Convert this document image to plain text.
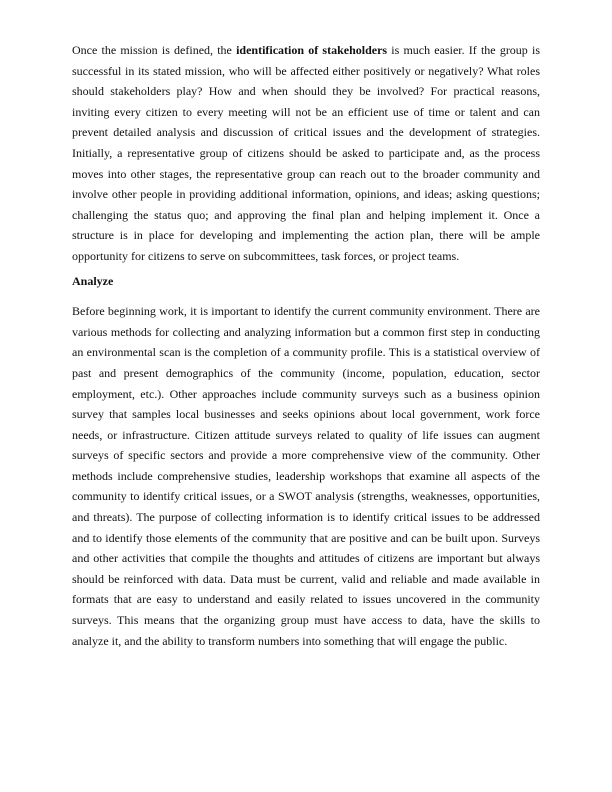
Once the mission is defined, the identification of stakeholders is much easier. If the group is
successful in its stated mission, who will be affected either positively or negatively? What roles
should stakeholders play? How and when should they be involved? For practical reasons,
inviting every citizen to every meeting will not be an efficient use of time or talent and can
prevent detailed analysis and discussion of critical issues and the development of strategies.
Initially, a representative group of citizens should be asked to participate and, as the process
moves into other stages, the representative group can reach out to the broader community and
involve other people in providing additional information, opinions, and ideas; asking questions;
challenging the status quo; and approving the final plan and helping implement it. Once a
structure is in place for developing and implementing the action plan, there will be ample
opportunity for citizens to serve on subcommittees, task forces, or project teams.
Analyze
Before beginning work, it is important to identify the current community environment. There are
various methods for collecting and analyzing information but a common first step in conducting
an environmental scan is the completion of a community profile. This is a statistical overview of
past and present demographics of the community (income, population, education, sector
employment, etc.). Other approaches include community surveys such as a business opinion
survey that samples local businesses and seeks opinions about local government, work force
needs, or infrastructure. Citizen attitude surveys related to quality of life issues can augment
surveys of specific sectors and provide a more comprehensive view of the community. Other
methods include comprehensive studies, leadership workshops that examine all aspects of the
community to identify critical issues, or a SWOT analysis (strengths, weaknesses, opportunities,
and threats). The purpose of collecting information is to identify critical issues to be addressed
and to identify those elements of the community that are positive and can be built upon. Surveys
and other activities that compile the thoughts and attitudes of citizens are important but always
should be reinforced with data. Data must be current, valid and reliable and made available in
formats that are easy to understand and easily related to issues uncovered in the community
surveys. This means that the organizing group must have access to data, have the skills to
analyze it, and the ability to transform numbers into something that will engage the public.
